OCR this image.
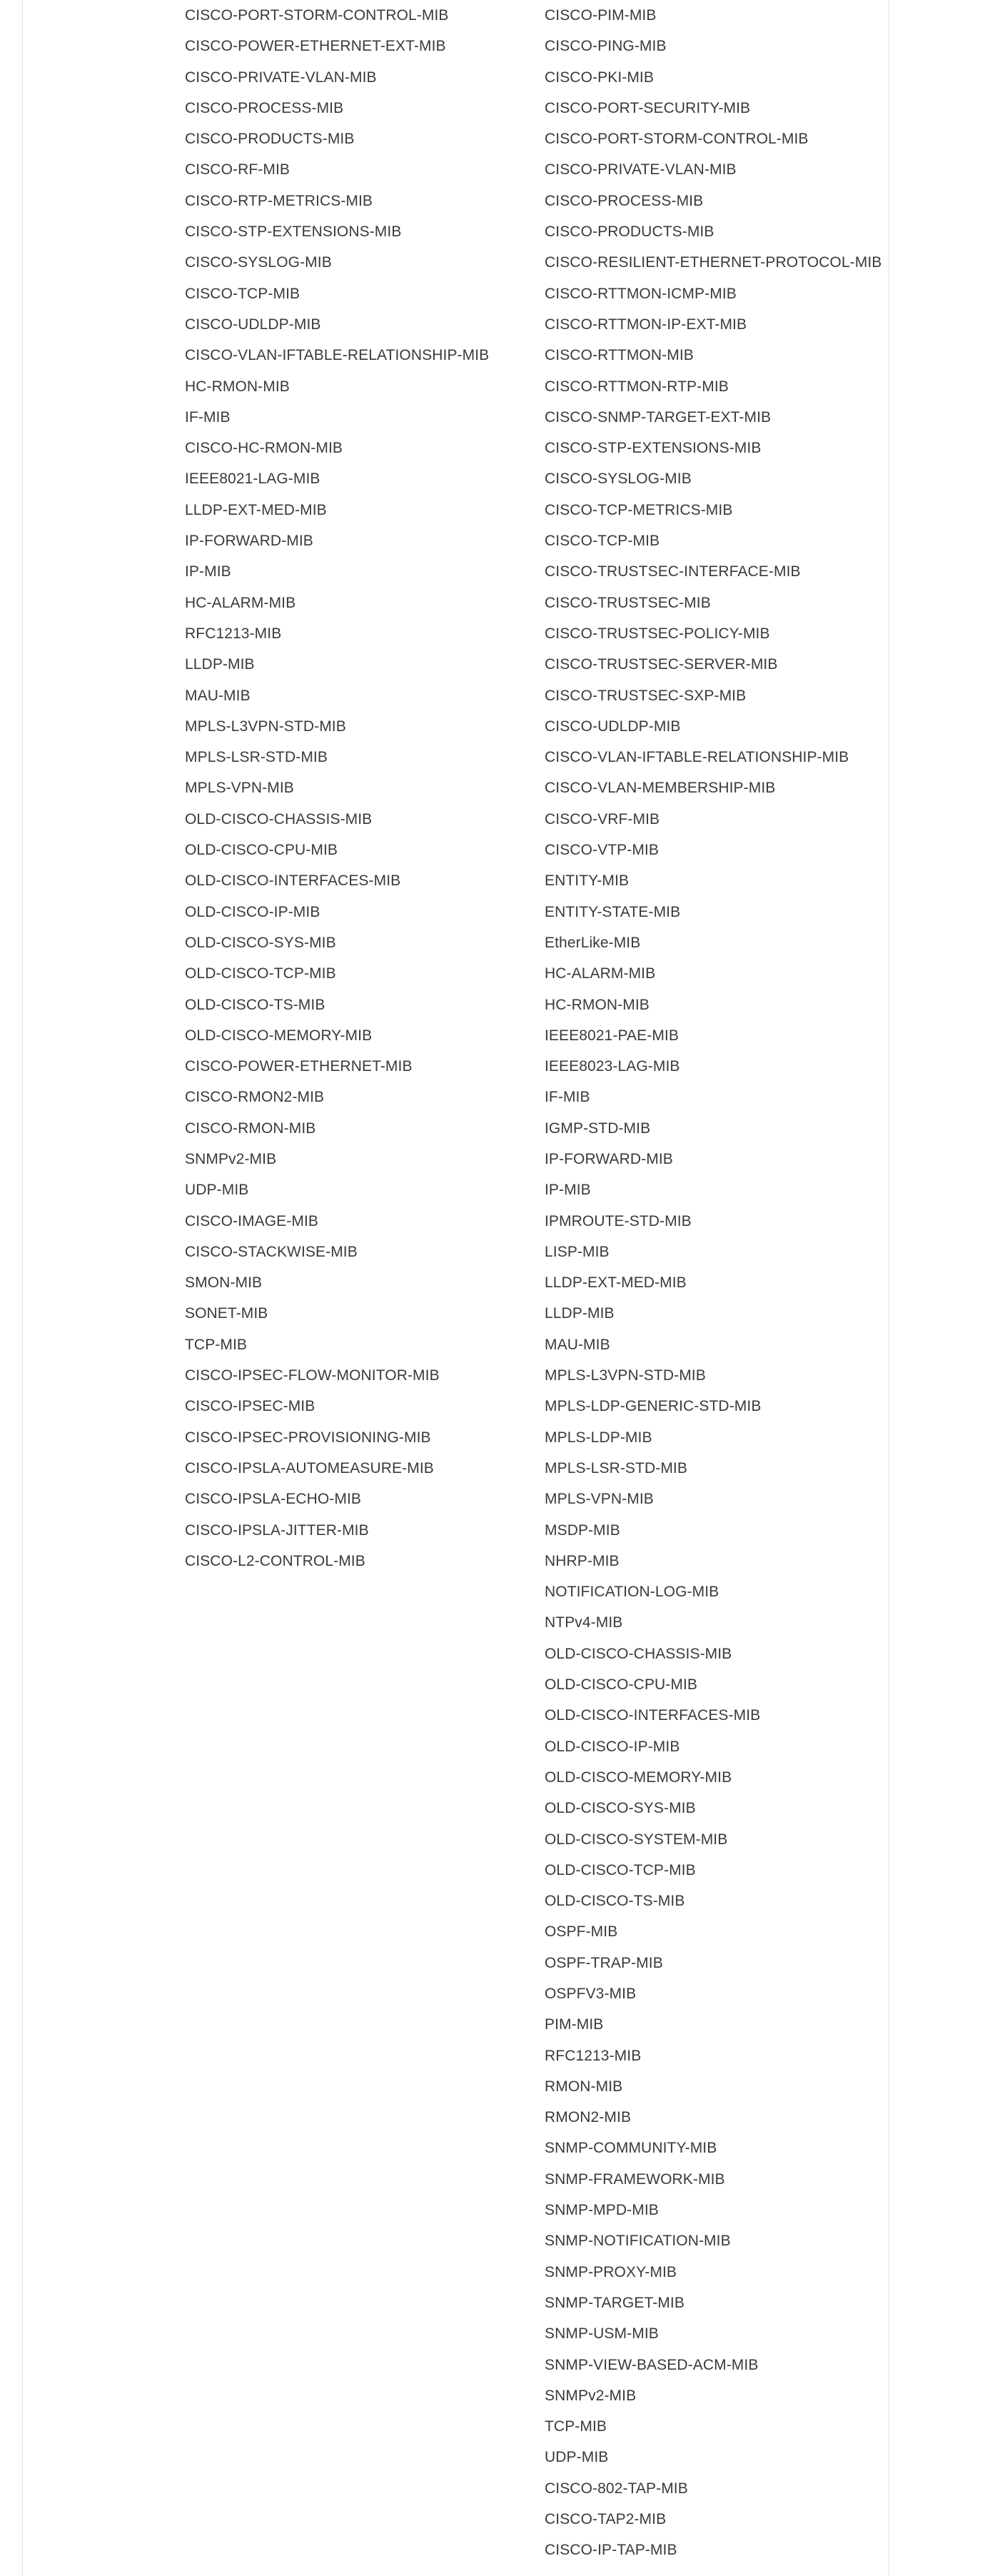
CISCO-PORT-STORM-CONTROL-MIB
CISCO-POWER-ETHERNET-EXT-MIB
CISCO-PRIVATE-VLAN-MIB
CISCO-PROCESS-MIB
CISCO-PRODUCTS-MIB
CISCO-RF-MIB
CISCO-RTP-METRICS-MIB
CISCO-STP-EXTENSIONS-MIB
CISCO-SYSLOG-MIB
CISCO-TCP-MIB
CISCO-UDLDP-MIB
CISCO-VLAN-IFTABLE-RELATIONSHIP-MIB
HC-RMON-MIB
IF-MIB
CISCO-HC-RMON-MIB
IEEE8021-LAG-MIB
LLDP-EXT-MED-MIB
IP-FORWARD-MIB
IP-MIB
HC-ALARM-MIB
RFC1213-MIB
LLDP-MIB
MAU-MIB
MPLS-L3VPN-STD-MIB
MPLS-LSR-STD-MIB
MPLS-VPN-MIB
OLD-CISCO-CHASSIS-MIB
OLD-CISCO-CPU-MIB
OLD-CISCO-INTERFACES-MIB
OLD-CISCO-IP-MIB
OLD-CISCO-SYS-MIB
OLD-CISCO-TCP-MIB
OLD-CISCO-TS-MIB
OLD-CISCO-MEMORY-MIB
CISCO-POWER-ETHERNET-MIB
CISCO-RMON2-MIB
CISCO-RMON-MIB
SNMPv2-MIB
UDP-MIB
CISCO-IMAGE-MIB
CISCO-STACKWISE-MIB
SMON-MIB
SONET-MIB
TCP-MIB
CISCO-IPSEC-FLOW-MONITOR-MIB
CISCO-IPSEC-MIB
CISCO-IPSEC-PROVISIONING-MIB
CISCO-IPSLA-AUTOMEASURE-MIB
CISCO-IPSLA-ECHO-MIB
CISCO-IPSLA-JITTER-MIB
CISCO-L2-CONTROL-MIB
CISCO-PIM-MIB
CISCO-PING-MIB
CISCO-PKI-MIB
CISCO-PORT-SECURITY-MIB
CISCO-PORT-STORM-CONTROL-MIB
CISCO-PRIVATE-VLAN-MIB
CISCO-PROCESS-MIB
CISCO-PRODUCTS-MIB
CISCO-RESILIENT-ETHERNET-PROTOCOL-MIB
CISCO-RTTMON-ICMP-MIB
CISCO-RTTMON-IP-EXT-MIB
CISCO-RTTMON-MIB
CISCO-RTTMON-RTP-MIB
CISCO-SNMP-TARGET-EXT-MIB
CISCO-STP-EXTENSIONS-MIB
CISCO-SYSLOG-MIB
CISCO-TCP-METRICS-MIB
CISCO-TCP-MIB
CISCO-TRUSTSEC-INTERFACE-MIB
CISCO-TRUSTSEC-MIB
CISCO-TRUSTSEC-POLICY-MIB
CISCO-TRUSTSEC-SERVER-MIB
CISCO-TRUSTSEC-SXP-MIB
CISCO-UDLDP-MIB
CISCO-VLAN-IFTABLE-RELATIONSHIP-MIB
CISCO-VLAN-MEMBERSHIP-MIB
CISCO-VRF-MIB
CISCO-VTP-MIB
ENTITY-MIB
ENTITY-STATE-MIB
EtherLike-MIB
HC-ALARM-MIB
HC-RMON-MIB
IEEE8021-PAE-MIB
IEEE8023-LAG-MIB
IF-MIB
IGMP-STD-MIB
IP-FORWARD-MIB
IP-MIB
IPMROUTE-STD-MIB
LISP-MIB
LLDP-EXT-MED-MIB
LLDP-MIB
MAU-MIB
MPLS-L3VPN-STD-MIB
MPLS-LDP-GENERIC-STD-MIB
MPLS-LDP-MIB
MPLS-LSR-STD-MIB
MPLS-VPN-MIB
MSDP-MIB
NHRP-MIB
NOTIFICATION-LOG-MIB
NTPv4-MIB
OLD-CISCO-CHASSIS-MIB
OLD-CISCO-CPU-MIB
OLD-CISCO-INTERFACES-MIB
OLD-CISCO-IP-MIB
OLD-CISCO-MEMORY-MIB
OLD-CISCO-SYS-MIB
OLD-CISCO-SYSTEM-MIB
OLD-CISCO-TCP-MIB
OLD-CISCO-TS-MIB
OSPF-MIB
OSPF-TRAP-MIB
OSPFV3-MIB
PIM-MIB
RFC1213-MIB
RMON-MIB
RMON2-MIB
SNMP-COMMUNITY-MIB
SNMP-FRAMEWORK-MIB
SNMP-MPD-MIB
SNMP-NOTIFICATION-MIB
SNMP-PROXY-MIB
SNMP-TARGET-MIB
SNMP-USM-MIB
SNMP-VIEW-BASED-ACM-MIB
SNMPv2-MIB
TCP-MIB
UDP-MIB
CISCO-802-TAP-MIB
CISCO-TAP2-MIB
CISCO-IP-TAP-MIB
